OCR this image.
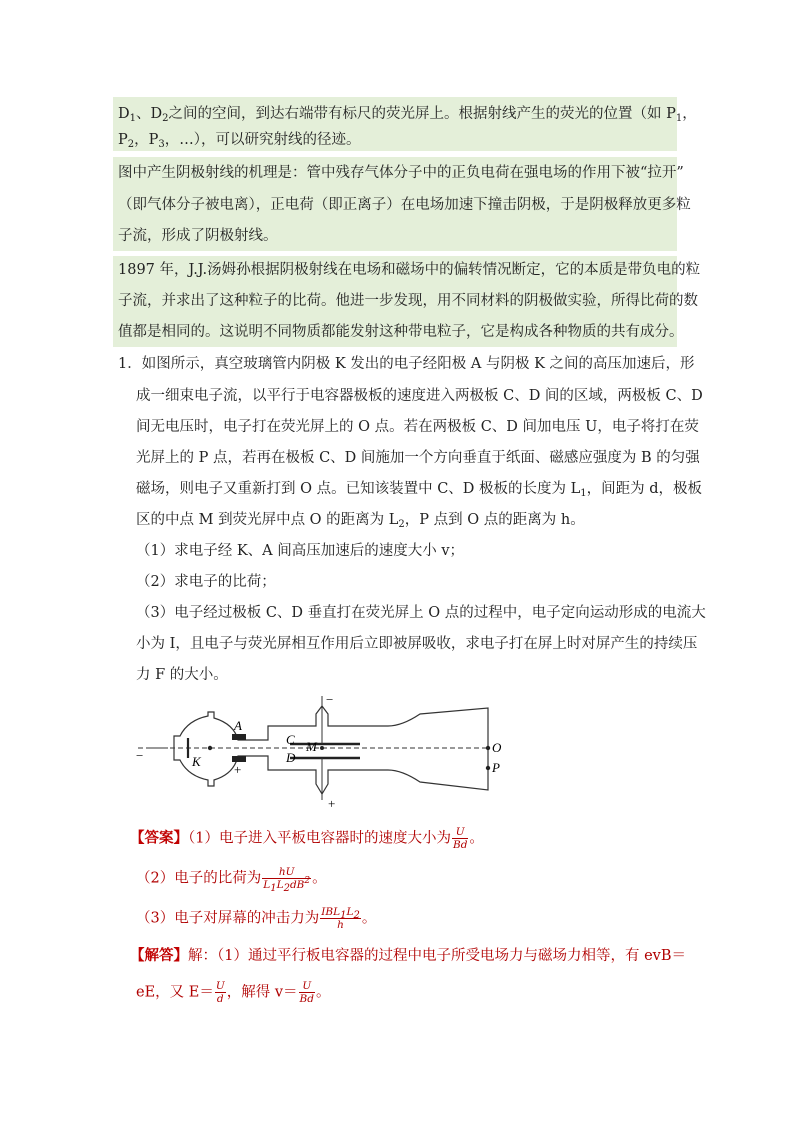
$D_1$、$D_2$之间的空间，到达右端带有标尺的荧光屏上。根据射线产生的荧光的位置（如 $P_1$，
$P_2$，$P_3$，…），可以研究射线的径迹。
图中产生阴极射线的机理是：管中残存气体分子中的正负电荷在强电场的作用下被“拉开”
（即气体分子被电离），正电荷（即正离子）在电场加速下撞击阴极，于是阴极释放更多粒
子流，形成了阴极射线。
1897 年，J.J.汤姆孙根据阴极射线在电场和磁场中的偏转情况断定，它的本质是带负电的粒
子流，并求出了这种粒子的比荷。他进一步发现，用不同材料的阴极做实验，所得比荷的数
值都是相同的。这说明不同物质都能发射这种带电粒子，它是构成各种物质的共有成分。
1．如图所示，真空玻璃管内阴极 K 发出的电子经阳极 A 与阴极 K 之间的高压加速后，形
成一细束电子流，以平行于电容器极板的速度进入两极板 C、D 间的区域，两极板 C、D
间无电压时，电子打在荧光屏上的 O 点。若在两极板 C、D 间加电压 U，电子将打在荧
光屏上的 P 点，若再在极板 C、D 间施加一个方向垂直于纸面、磁感应强度为 B 的匀强
磁场，则电子又重新打到 O 点。已知该装置中 C、D 极板的长度为 $L_1$，间距为 d，极板
区的中点 M 到荧光屏中点 O 的距离为 $L_2$，P 点到 O 点的距离为 h。
（1）求电子经 K、A 间高压加速后的速度大小 v；
（2）求电子的比荷；
（3）电子经过极板 C、D 垂直打在荧光屏上 O 点的过程中，电子定向运动形成的电流大
小为 I，且电子与荧光屏相互作用后立即被屏吸收，求电子打在屏上时对屏产生的持续压
力 F 的大小。
A
+
C M
D
K
O
P
+
−
−
【答案】（1）电子进入平板电容器时的速度大小为 $\frac{U}{Bd}$ 。
（2）电子的比荷为 $\frac{hU}{L_1L_2dB^2}$ 。
（3）电子对屏幕的冲击力为 $\frac{IBL_1L_2}{h}$ 。
【解答】解：（1）通过平行板电容器的过程中电子所受电场力与磁场力相等，有 evB＝
eE，又 $E= \frac{U}{d}$ ，解得 $v= \frac{U}{Bd}$ 。
